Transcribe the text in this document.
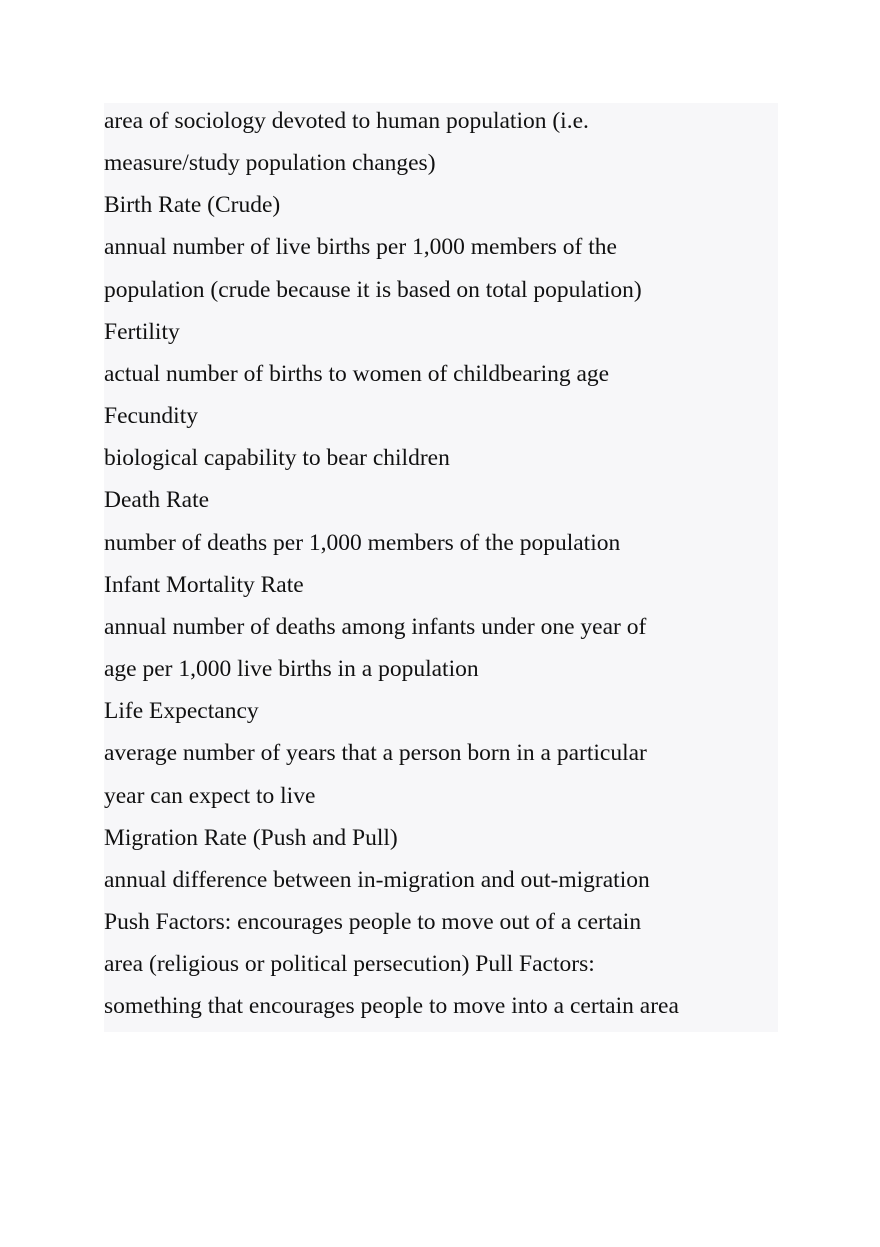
area of sociology devoted to human population (i.e.
measure/study population changes)
Birth Rate (Crude)
annual number of live births per 1,000 members of the
population (crude because it is based on total population)
Fertility
actual number of births to women of childbearing age
Fecundity
biological capability to bear children
Death Rate
number of deaths per 1,000 members of the population
Infant Mortality Rate
annual number of deaths among infants under one year of
age per 1,000 live births in a population
Life Expectancy
average number of years that a person born in a particular
year can expect to live
Migration Rate (Push and Pull)
annual difference between in-migration and out-migration
Push Factors: encourages people to move out of a certain
area (religious or political persecution) Pull Factors:
something that encourages people to move into a certain area
